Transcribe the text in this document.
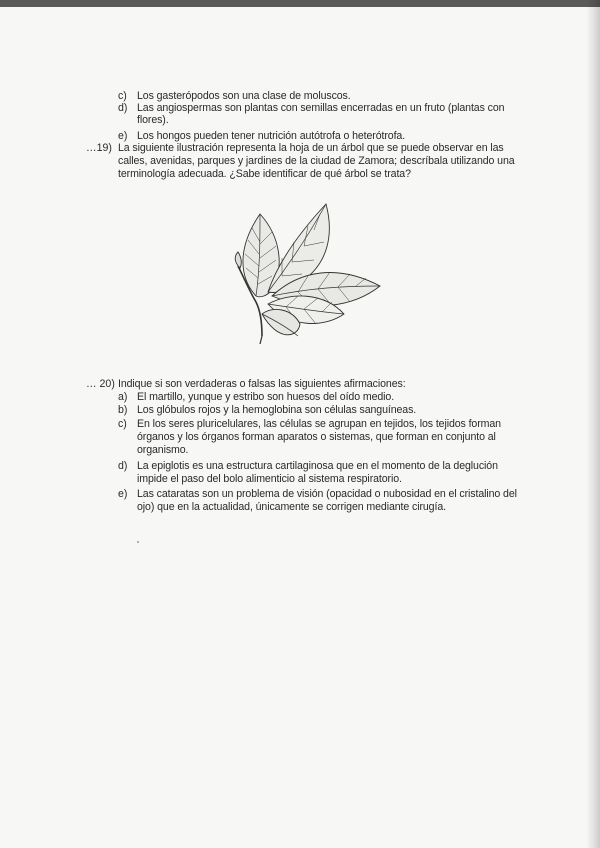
c) Los gasterópodos son una clase de moluscos.
d) Las angiospermas son plantas con semillas encerradas en un fruto (plantas con
flores).
e) Los hongos pueden tener nutrición autótrofa o heterótrofa.
…19) La siguiente ilustración representa la hoja de un árbol que se puede observar en las
calles, avenidas, parques y jardines de la ciudad de Zamora; descríbala utilizando una
terminología adecuada. ¿Sabe identificar de qué árbol se trata?
… 20) Indique si son verdaderas o falsas las siguientes afirmaciones:
a) El martillo, yunque y estribo son huesos del oído medio.
b) Los glóbulos rojos y la hemoglobina son células sanguíneas.
c) En los seres pluricelulares, las células se agrupan en tejidos, los tejidos forman
órganos y los órganos forman aparatos o sistemas, que forman en conjunto al
organismo.
d) La epiglotis es una estructura cartilaginosa que en el momento de la deglución
impide el paso del bolo alimenticio al sistema respiratorio.
e) Las cataratas son un problema de visión (opacidad o nubosidad en el cristalino del
ojo) que en la actualidad, únicamente se corrigen mediante cirugía.
